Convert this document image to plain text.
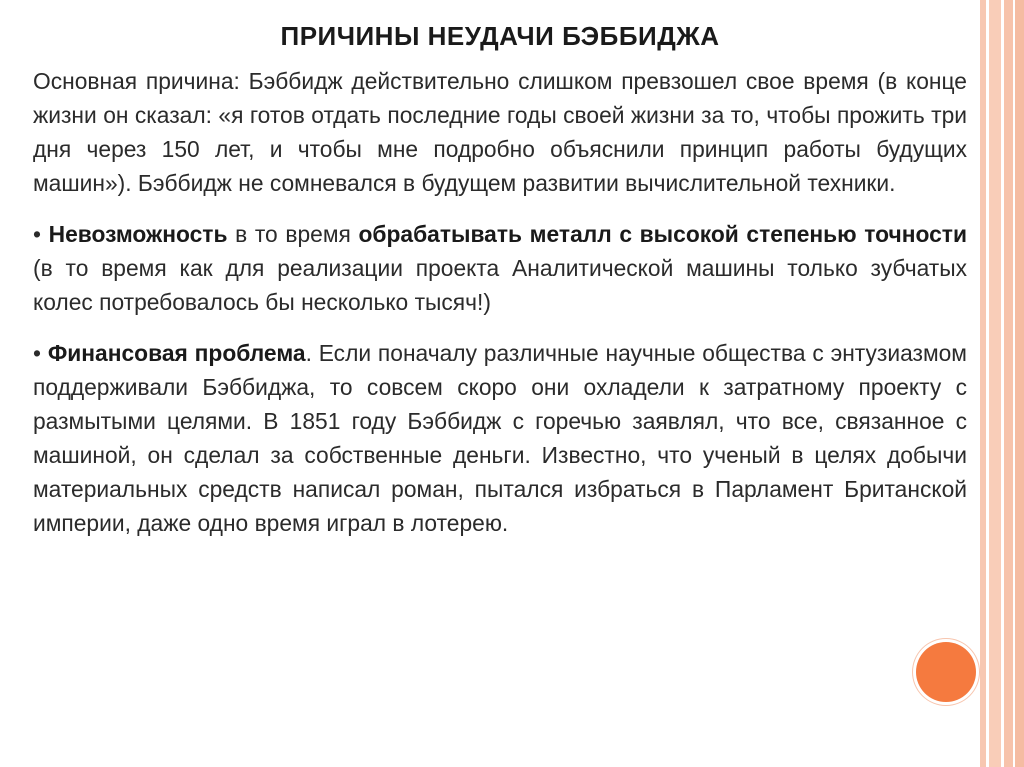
ПРИЧИНЫ НЕУДАЧИ БЭББИДЖА

Основная причина: Бэббидж действительно слишком превзошел свое время (в конце жизни он сказал: «я готов отдать последние годы своей жизни за то, чтобы прожить три дня через 150 лет, и чтобы мне подробно объяснили принцип работы будущих машин»). Бэббидж не сомневался в будущем развитии вычислительной техники.

• Невозможность в то время обрабатывать металл с высокой степенью точности (в то время как для реализации проекта Аналитической машины только зубчатых колес потребовалось бы несколько тысяч!)

• Финансовая проблема. Если поначалу различные научные общества с энтузиазмом поддерживали Бэббиджа, то совсем скоро они охладели к затратному проекту с размытыми целями. В 1851 году Бэббидж с горечью заявлял, что все, связанное с машиной, он сделал за собственные деньги. Известно, что ученый в целях добычи материальных средств написал роман, пытался избраться в Парламент Британской империи, даже одно время играл в лотерею.
